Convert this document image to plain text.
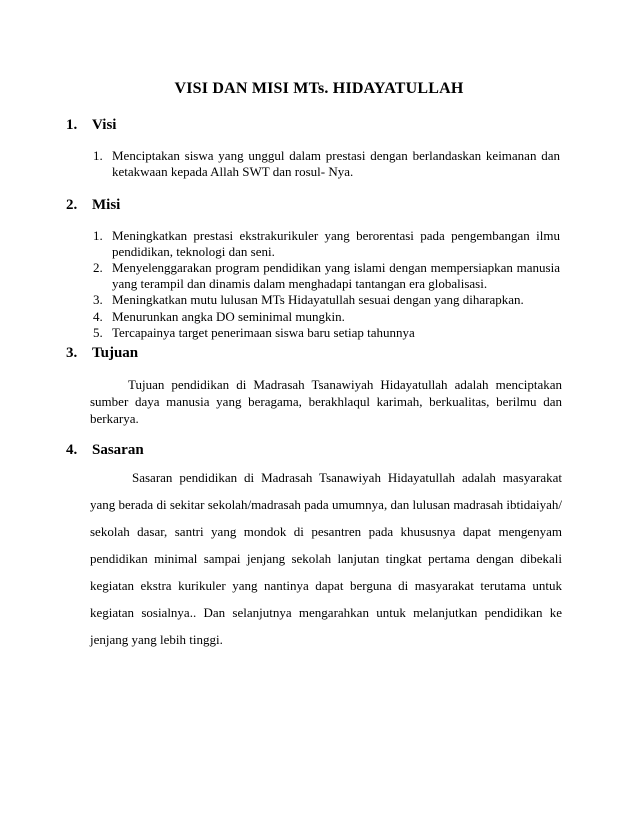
VISI DAN MISI MTs. HIDAYATULLAH
1. Visi
1. Menciptakan siswa yang unggul dalam prestasi dengan berlandaskan keimanan dan ketakwaan kepada Allah SWT dan rosul- Nya.
2. Misi
1. Meningkatkan prestasi ekstrakurikuler yang berorentasi pada pengembangan ilmu pendidikan, teknologi dan seni.
2. Menyelenggarakan program pendidikan yang islami dengan mempersiapkan manusia yang terampil dan dinamis dalam menghadapi tantangan era globalisasi.
3. Meningkatkan mutu lulusan MTs Hidayatullah sesuai dengan yang diharapkan.
4. Menurunkan angka DO seminimal mungkin.
5. Tercapainya target penerimaan siswa baru setiap tahunnya
3. Tujuan

Tujuan pendidikan di Madrasah Tsanawiyah Hidayatullah adalah menciptakan sumber daya manusia yang beragama, berakhlaqul karimah, berkualitas, berilmu dan berkarya.

4. Sasaran

Sasaran pendidikan di Madrasah Tsanawiyah Hidayatullah adalah masyarakat yang berada di sekitar sekolah/madrasah pada umumnya, dan lulusan madrasah ibtidaiyah/ sekolah dasar, santri yang mondok di pesantren pada khususnya dapat mengenyam pendidikan minimal sampai jenjang sekolah lanjutan tingkat pertama dengan dibekali kegiatan ekstra kurikuler yang nantinya dapat berguna di masyarakat terutama untuk kegiatan sosialnya.. Dan selanjutnya mengarahkan untuk melanjutkan pendidikan ke jenjang yang lebih tinggi.
